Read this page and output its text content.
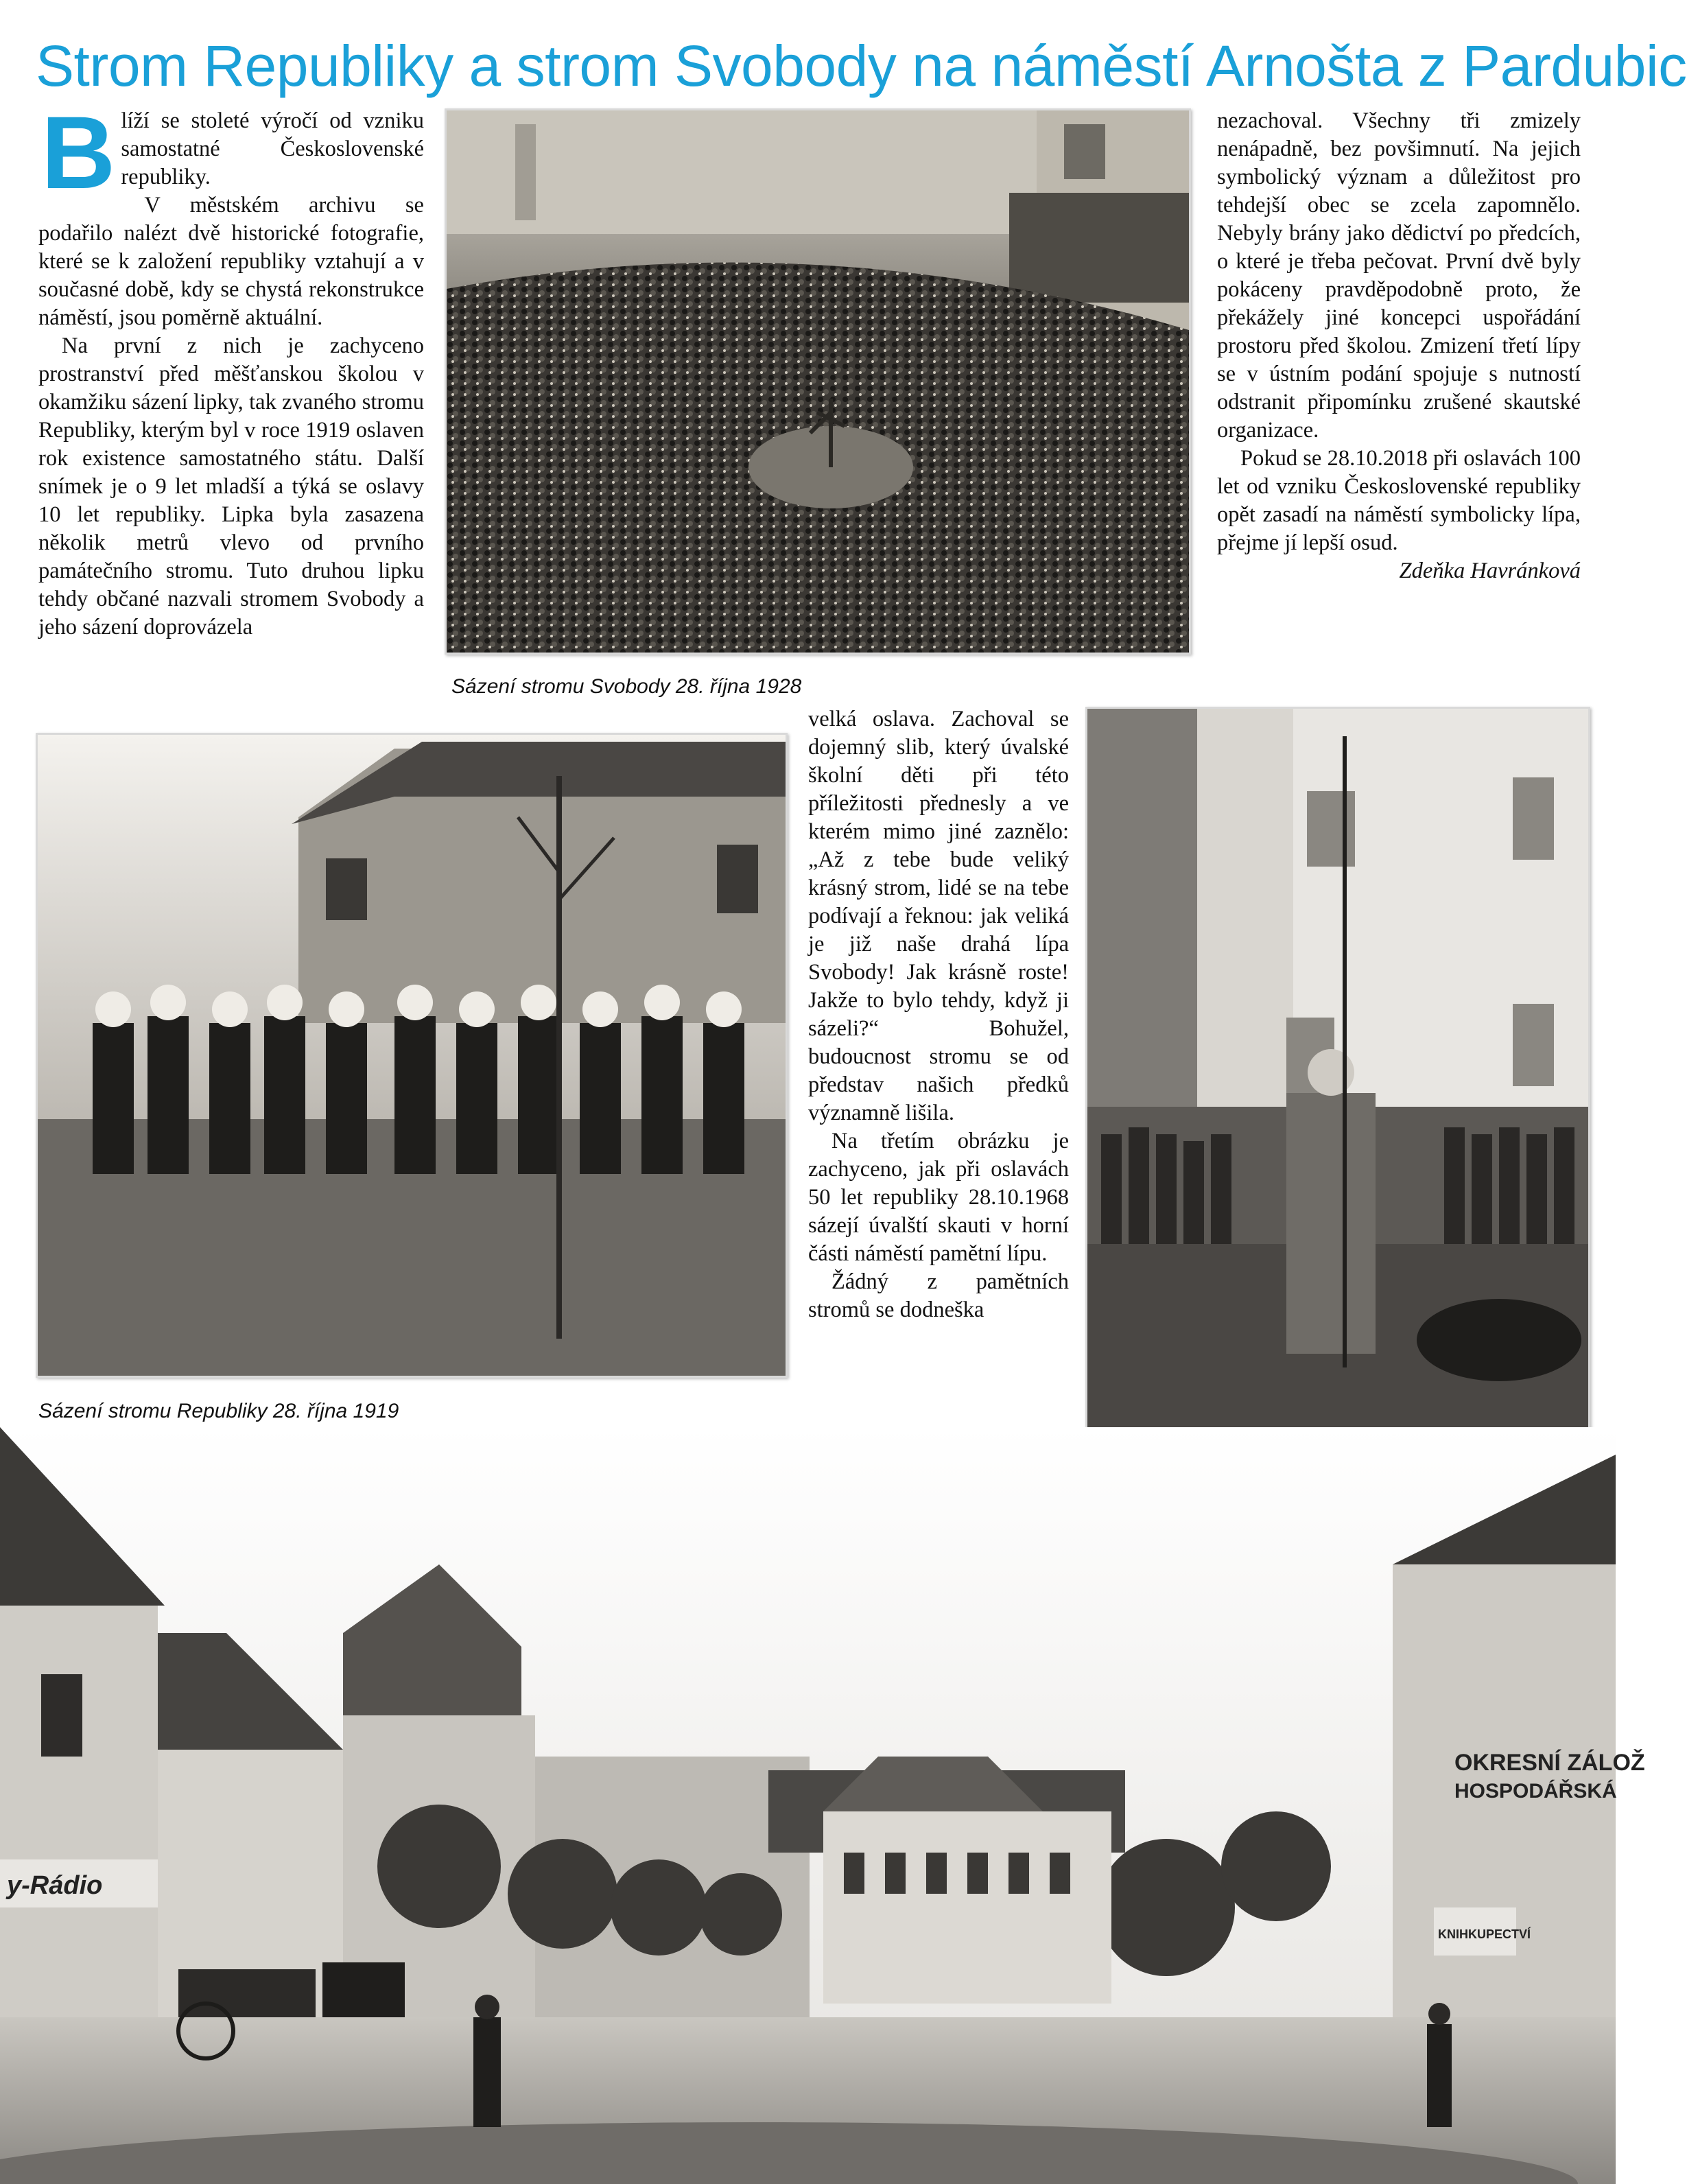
Strom Republiky a strom Svobody na náměstí Arnošta z Pardubic

Blíží se stoleté výročí od vzniku samostatné Československé republiky.

V městském archivu se podařilo nalézt dvě historické fotografie, které se k založení republiky vztahují a v současné době, kdy se chystá rekonstrukce náměstí, jsou poměrně aktuální.

Na první z nich je zachyceno prostranství před měšťanskou školou v okamžiku sázení lipky, tak zvaného stromu Republiky, kterým byl v roce 1919 oslaven rok existence samostatného státu. Další snímek je o 9 let mladší a týká se oslavy 10 let republiky. Lipka byla zasazena několik metrů vlevo od prvního památečního stromu. Tuto druhou lipku tehdy občané nazvali stromem Svobody a jeho sázení doprovázela

velká oslava. Zachoval se dojemný slib, který úvalské školní děti při této příležitosti přednesly a ve kterém mimo jiné zaznělo: „Až z tebe bude veliký krásný strom, lidé se na tebe podívají a řeknou: jak veliká je již naše drahá lípa Svobody! Jak krásně roste! Jakže to bylo tehdy, když ji sázeli?“ Bohužel, budoucnost stromu se od představ našich předků významně lišila.

Na třetím obrázku je zachyceno, jak při oslavách 50 let republiky 28.10.1968 sázejí úvalští skauti v horní části náměstí pamětní lípu.

Žádný z pamětních stromů se dodneška

nezachoval. Všechny tři zmizely nenápadně, bez povšimnutí. Na jejich symbolický význam a důležitost pro tehdejší obec se zcela zapomnělo. Nebyly brány jako dědictví po předcích, o které je třeba pečovat. První dvě byly pokáceny pravděpodobně proto, že překážely jiné koncepci uspořádání prostoru před školou. Zmizení třetí lípy se v ústním podání spojuje s nutností odstranit připomínku zrušené skautské organizace.

Pokud se 28.10.2018 při oslavách 100 let od vzniku Československé republiky opět zasadí na náměstí symbolicky lípa, přejme jí lepší osud.

Zdeňka Havránková

Sázení stromu Svobody 28. října 1928
Sázení stromu Republiky 28. října 1919
y-Rádio
OKRESNÍ ZÁLOŽ
HOSPODÁŘSKÁ
KNIHKUPECTVÍ
